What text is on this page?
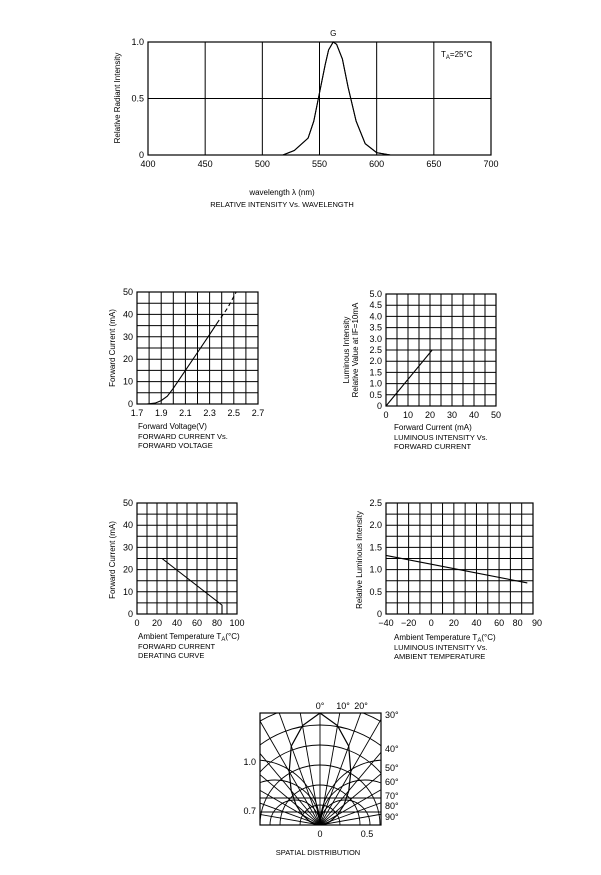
400	450	500	550	600	650	700
0
0.5
1.0
G
$T_A=25^\circ C$
Relative Radiant Intensity
wavelength λ (nm)
RELATIVE INTENSITY Vs. WAVELENGTH
1.7 1.9 2.1 2.3 2.5 2.7
0
10
20
30
40
50
Forward Current (mA)
Forward Voltage(V)
FORWARD CURRENT Vs.
FORWARD VOLTAGE
0 10 20 30 40 50
0
0.5
1.0
1.5
2.0
2.5
3.0
3.5
4.0
4.5
5.0
Luminous Intensity Relative Value at IF=10mA
Forward Current (mA)
LUMINOUS INTENSITY Vs.
FORWARD CURRENT
0 20 40 60 80 100
0
10
20
30
40
50
Forward Current (mA)
Ambient Temperature $T_A(^\circ C)$
FORWARD CURRENT
DERATING CURVE
−40 −20 0 20 40 60 80 90
0
0.5
1.0
1.5
2.0
2.5
Relative Luminous Intensity
Ambient Temperature $T_A(^\circ C)$
LUMINOUS INTENSITY Vs.
AMBIENT TEMPERATURE
0° 10° 20°
30°
40°
50°
60°
70°
80°
90°
1.0
0.7
0	0.5
SPATIAL DISTRIBUTION
